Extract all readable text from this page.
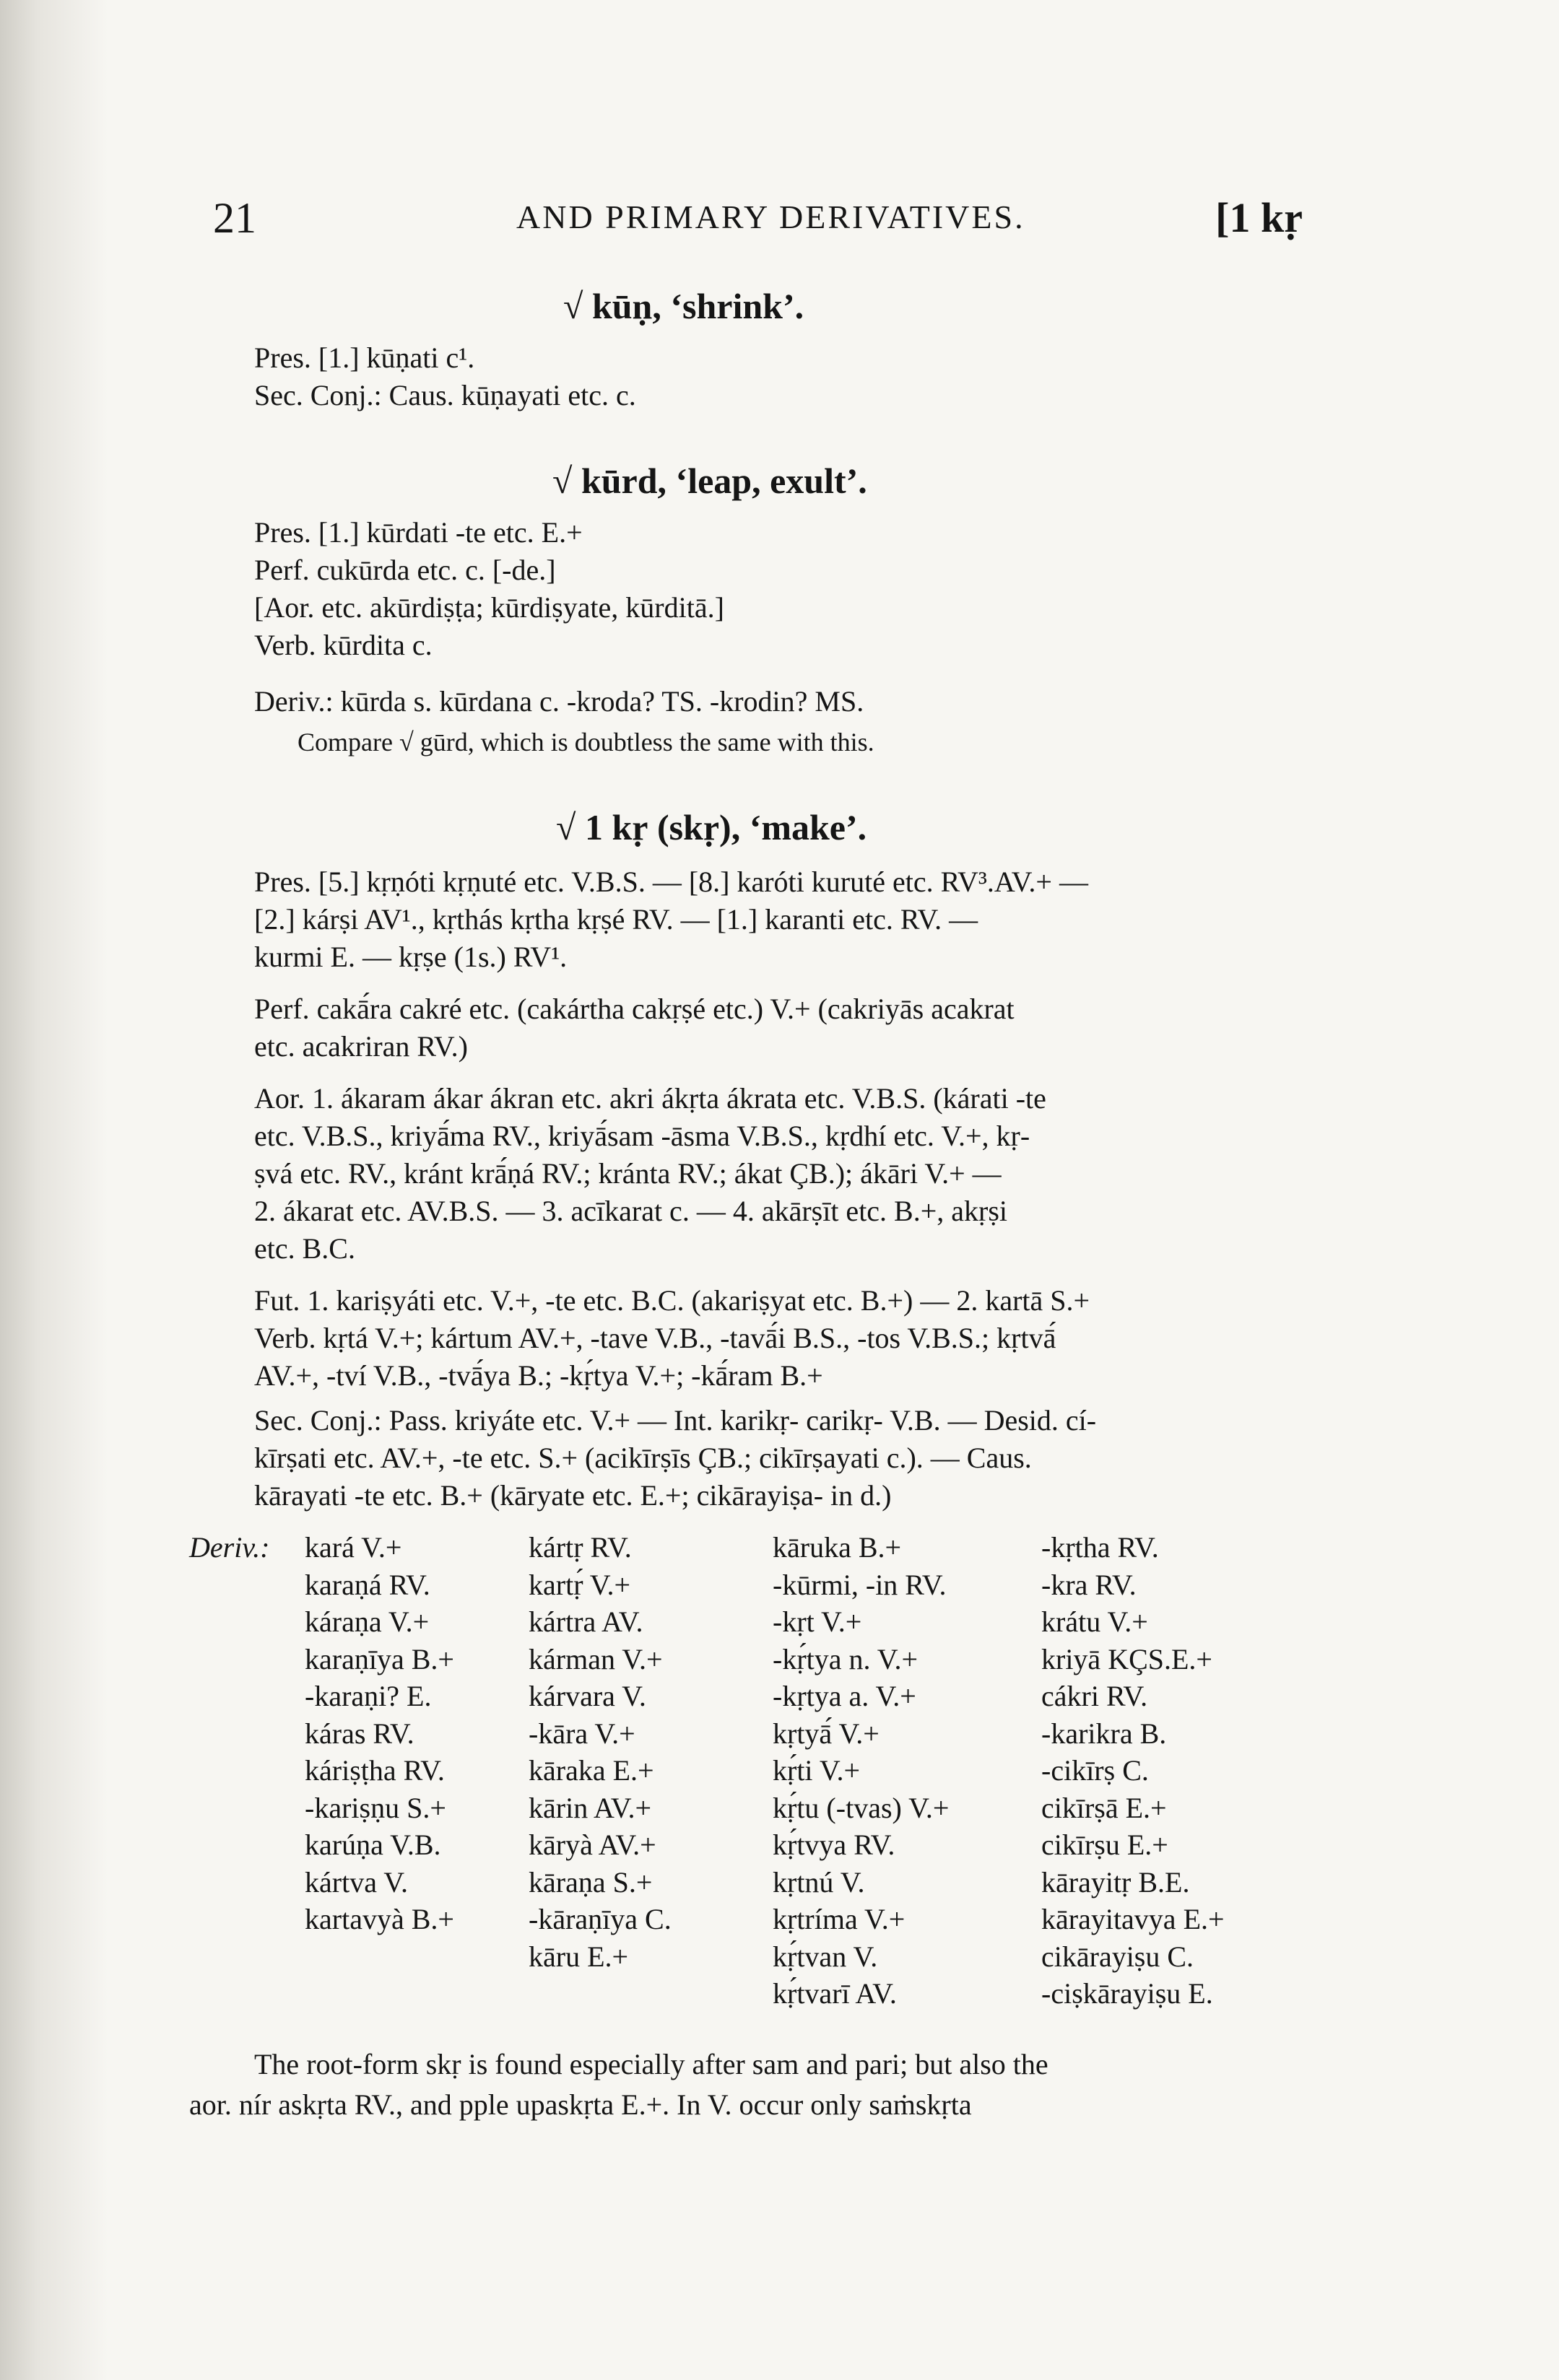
21	AND PRIMARY DERIVATIVES.	[1 kṛ
√ kūṇ, ‘shrink’.
Pres. [1.] kūṇati c¹.
Sec. Conj.: Caus. kūṇayati etc. c.
√ kūrd, ‘leap, exult’.
Pres. [1.] kūrdati -te etc. E.+
Perf. cukūrda etc. c. [-de.]
[Aor. etc. akūrdiṣṭa; kūrdiṣyate, kūrditā.]
Verb. kūrdita c.
Deriv.: kūrda s. kūrdana c. -kroda? TS. -krodin? MS.
Compare √ gūrd, which is doubtless the same with this.
√ 1 kṛ (skṛ), ‘make’.
Pres. [5.] kṛṇóti kṛṇuté etc. V.B.S. — [8.] karóti kuruté etc. RV³.AV.+ —
[2.] kárṣi AV¹., kṛthás kṛtha kṛṣé RV. — [1.] karanti etc. RV. —
kurmi E. — kṛṣe (1s.) RV¹.
Perf. cakā́ra cakré etc. (cakártha cakṛṣé etc.) V.+ (cakriyās acakrat
etc. acakriran RV.)
Aor. 1. ákaram ákar ákran etc. akri ákṛta ákrata etc. V.B.S. (kárati -te
etc. V.B.S., kriyā́ma RV., kriyā́sam -āsma V.B.S., kṛdhí etc. V.+, kṛ-
ṣvá etc. RV., kránt krā́ṇá RV.; kránta RV.; ákat ÇB.); ákāri V.+ —
2. ákarat etc. AV.B.S. — 3. acīkarat c. — 4. akārṣīt etc. B.+, akṛṣi
etc. B.C.
Fut. 1. kariṣyáti etc. V.+, -te etc. B.C. (akariṣyat etc. B.+) — 2. kartā S.+
Verb. kṛtá V.+; kártum AV.+, -tave V.B., -tavā́i B.S., -tos V.B.S.; kṛtvā́
AV.+, -tví V.B., -tvā́ya B.; -kṛ́tya V.+; -kā́ram B.+
Sec. Conj.: Pass. kriyáte etc. V.+ — Int. karikṛ- carikṛ- V.B. — Desid. cí-
kīrṣati etc. AV.+, -te etc. S.+ (acikīrṣīs ÇB.; cikīrṣayati c.). — Caus.
kārayati -te etc. B.+ (kāryate etc. E.+; cikārayiṣa- in d.)
Deriv.: kará V.+
karaṇá RV.
káraṇa V.+
karaṇīya B.+
-karaṇi? E.
káras RV.
káriṣṭha RV.
-kariṣṇu S.+
karúṇa V.B.
kártva V.
kartavyà B.+
kártṛ RV.
kartṛ́ V.+
kártra AV.
kárman V.+
kárvara V.
-kāra V.+
kāraka E.+
kārin AV.+
kāryà AV.+
kāraṇa S.+
-kāraṇīya C.
kāru E.+
kāruka B.+
-kūrmi, -in RV.
-kṛt V.+
-kṛ́tya n. V.+
-kṛtya a. V.+
kṛtyā́ V.+
kṛ́ti V.+
kṛ́tu (-tvas) V.+
kṛ́tvya RV.
kṛtnú V.
kṛtríma V.+
kṛ́tvan V.
kṛ́tvarī AV.
-kṛtha RV.
-kra RV.
krátu V.+
kriyā KÇS.E.+
cákri RV.
-karikra B.
-cikīrṣ C.
cikīrṣā E.+
cikīrṣu E.+
kārayitṛ B.E.
kārayitavya E.+
cikārayiṣu C.
-ciṣkārayiṣu E.
The root-form skṛ is found especially after sam and pari; but also the
aor. nír askṛta RV., and pple upaskṛta E.+. In V. occur only saṁskṛta
